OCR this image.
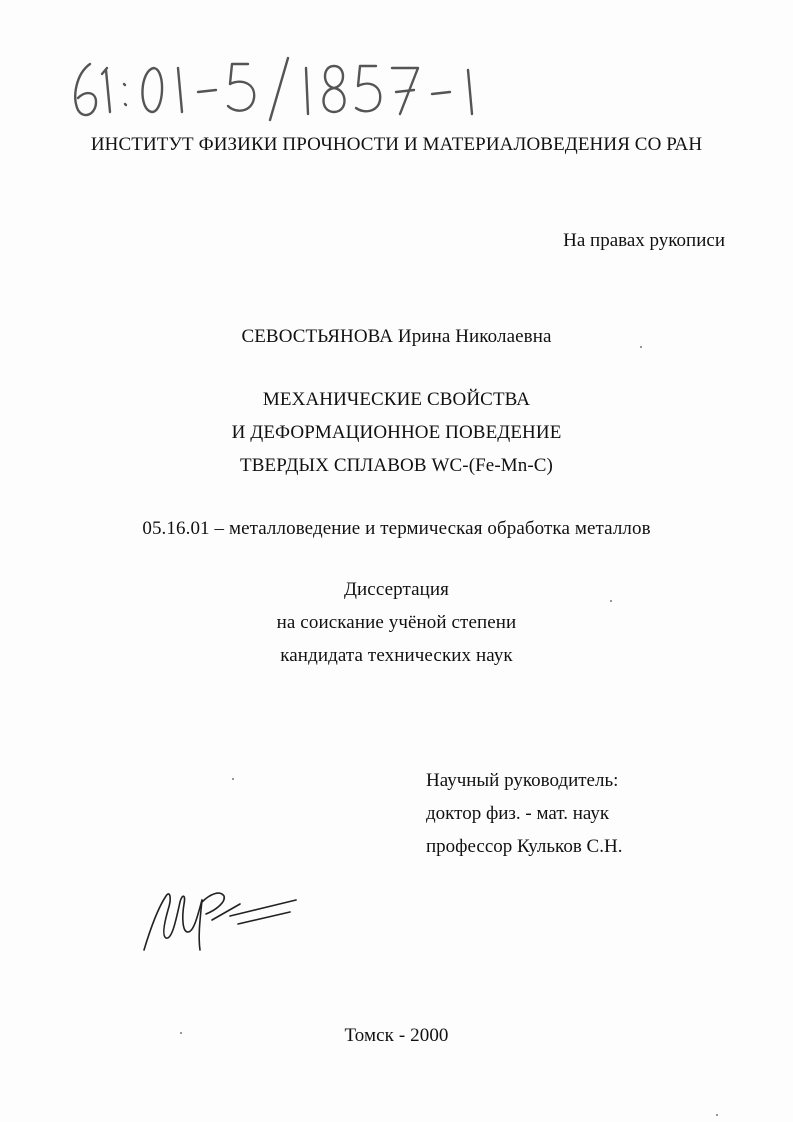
ИНСТИТУТ ФИЗИКИ ПРОЧНОСТИ И МАТЕРИАЛОВЕДЕНИЯ СО РАН
На правах рукописи
СЕВОСТЬЯНОВА Ирина Николаевна
МЕХАНИЧЕСКИЕ СВОЙСТВА
И ДЕФОРМАЦИОННОЕ ПОВЕДЕНИЕ
ТВЕРДЫХ СПЛАВОВ WC-(Fe-Mn-C)
05.16.01 – металловедение и термическая обработка металлов
Диссертация
на соискание учёной степени
кандидата технических наук
Научный руководитель:
доктор физ. - мат. наук
профессор Кульков С.Н.
Томск - 2000
